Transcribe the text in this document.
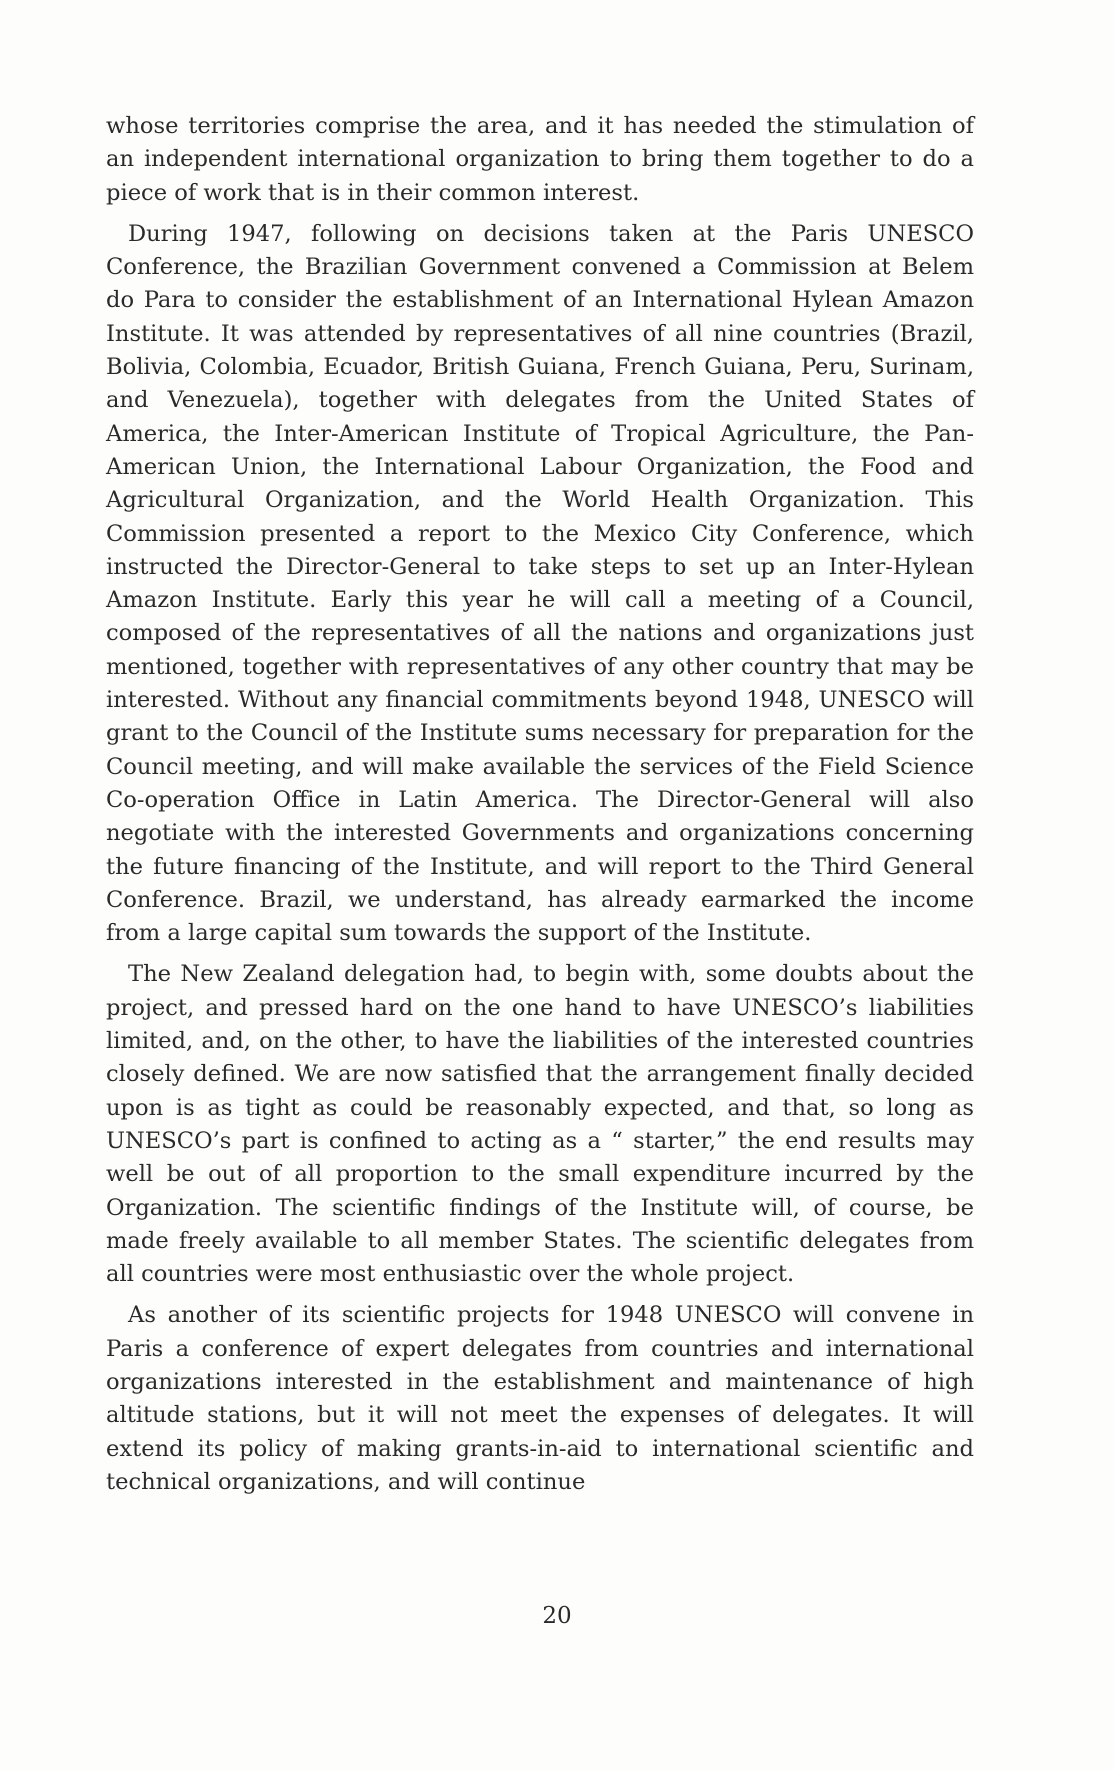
whose territories comprise the area, and it has needed the stimulation of an independent international organization to bring them together to do a piece of work that is in their common interest.

During 1947, following on decisions taken at the Paris UNESCO Conference, the Brazilian Government convened a Commission at Belem do Para to consider the establishment of an International Hylean Amazon Institute. It was attended by representatives of all nine countries (Brazil, Bolivia, Colombia, Ecuador, British Guiana, French Guiana, Peru, Surinam, and Venezuela), together with delegates from the United States of America, the Inter-American Institute of Tropical Agriculture, the Pan-American Union, the International Labour Organization, the Food and Agricultural Organization, and the World Health Organization. This Commission presented a report to the Mexico City Conference, which instructed the Director-General to take steps to set up an Inter-Hylean Amazon Institute. Early this year he will call a meeting of a Council, composed of the representatives of all the nations and organizations just mentioned, together with representatives of any other country that may be interested. Without any financial commitments beyond 1948, UNESCO will grant to the Council of the Institute sums necessary for preparation for the Council meeting, and will make available the services of the Field Science Co-operation Office in Latin America. The Director-General will also negotiate with the interested Governments and organizations concerning the future financing of the Institute, and will report to the Third General Conference. Brazil, we understand, has already earmarked the income from a large capital sum towards the support of the Institute.

The New Zealand delegation had, to begin with, some doubts about the project, and pressed hard on the one hand to have UNESCO’s liabilities limited, and, on the other, to have the liabilities of the interested countries closely defined. We are now satisfied that the arrangement finally decided upon is as tight as could be reasonably expected, and that, so long as UNESCO’s part is confined to acting as a “ starter,” the end results may well be out of all proportion to the small expenditure incurred by the Organization. The scientific findings of the Institute will, of course, be made freely available to all member States. The scientific delegates from all countries were most enthusiastic over the whole project.

As another of its scientific projects for 1948 UNESCO will convene in Paris a conference of expert delegates from countries and international organizations interested in the establishment and maintenance of high altitude stations, but it will not meet the expenses of delegates. It will extend its policy of making grants-in-aid to international scientific and technical organizations, and will continue

20
